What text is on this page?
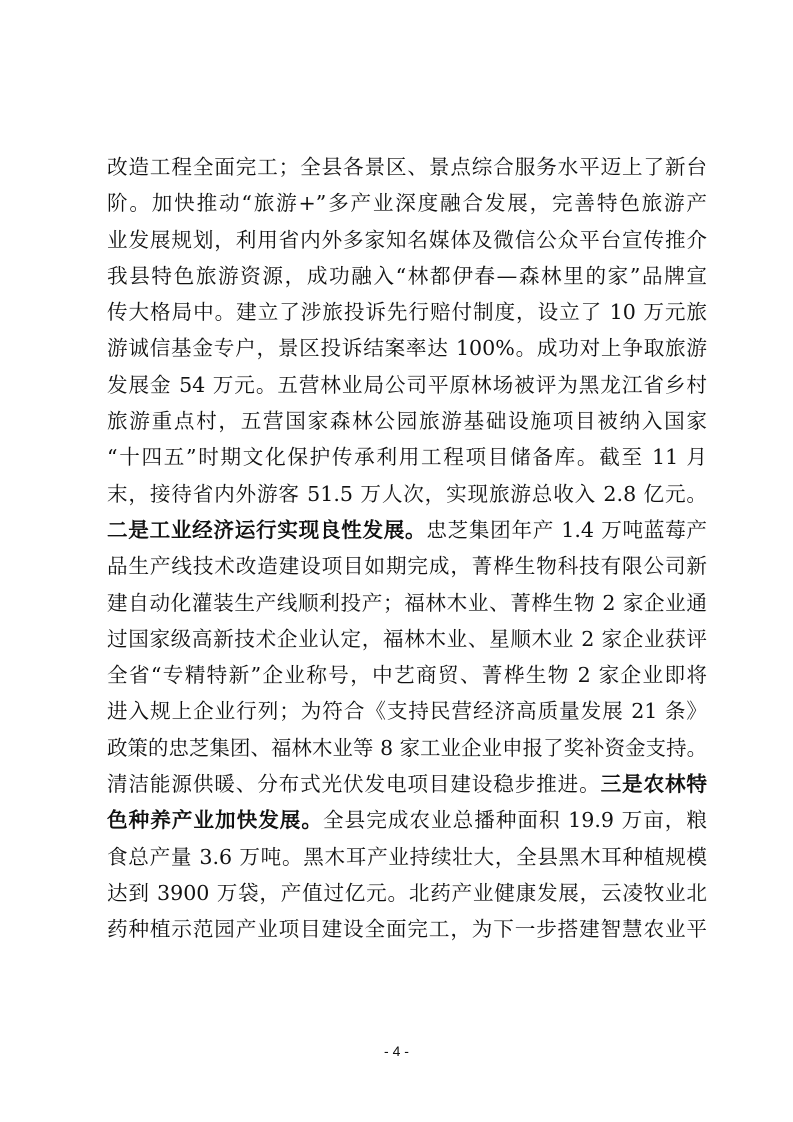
改造工程全面完工；全县各景区、景点综合服务水平迈上了新台
阶。加快推动“旅游+”多产业深度融合发展，完善特色旅游产
业发展规划，利用省内外多家知名媒体及微信公众平台宣传推介
我县特色旅游资源，成功融入“林都伊春—森林里的家”品牌宣
传大格局中。建立了涉旅投诉先行赔付制度，设立了 10 万元旅
游诚信基金专户，景区投诉结案率达 100%。成功对上争取旅游
发展金 54 万元。五营林业局公司平原林场被评为黑龙江省乡村
旅游重点村，五营国家森林公园旅游基础设施项目被纳入国家
“十四五”时期文化保护传承利用工程项目储备库。截至 11 月
末，接待省内外游客 51.5 万人次，实现旅游总收入 2.8 亿元。
二是工业经济运行实现良性发展。忠芝集团年产 1.4 万吨蓝莓产
品生产线技术改造建设项目如期完成，菁桦生物科技有限公司新
建自动化灌装生产线顺利投产；福林木业、菁桦生物 2 家企业通
过国家级高新技术企业认定，福林木业、星顺木业 2 家企业获评
全省“专精特新”企业称号，中艺商贸、菁桦生物 2 家企业即将
进入规上企业行列；为符合《支持民营经济高质量发展 21 条》
政策的忠芝集团、福林木业等 8 家工业企业申报了奖补资金支持。
清洁能源供暖、分布式光伏发电项目建设稳步推进。三是农林特
色种养产业加快发展。全县完成农业总播种面积 19.9 万亩，粮
食总产量 3.6 万吨。黑木耳产业持续壮大，全县黑木耳种植规模
达到 3900 万袋，产值过亿元。北药产业健康发展，云凌牧业北
药种植示范园产业项目建设全面完工，为下一步搭建智慧农业平
- 4 -
